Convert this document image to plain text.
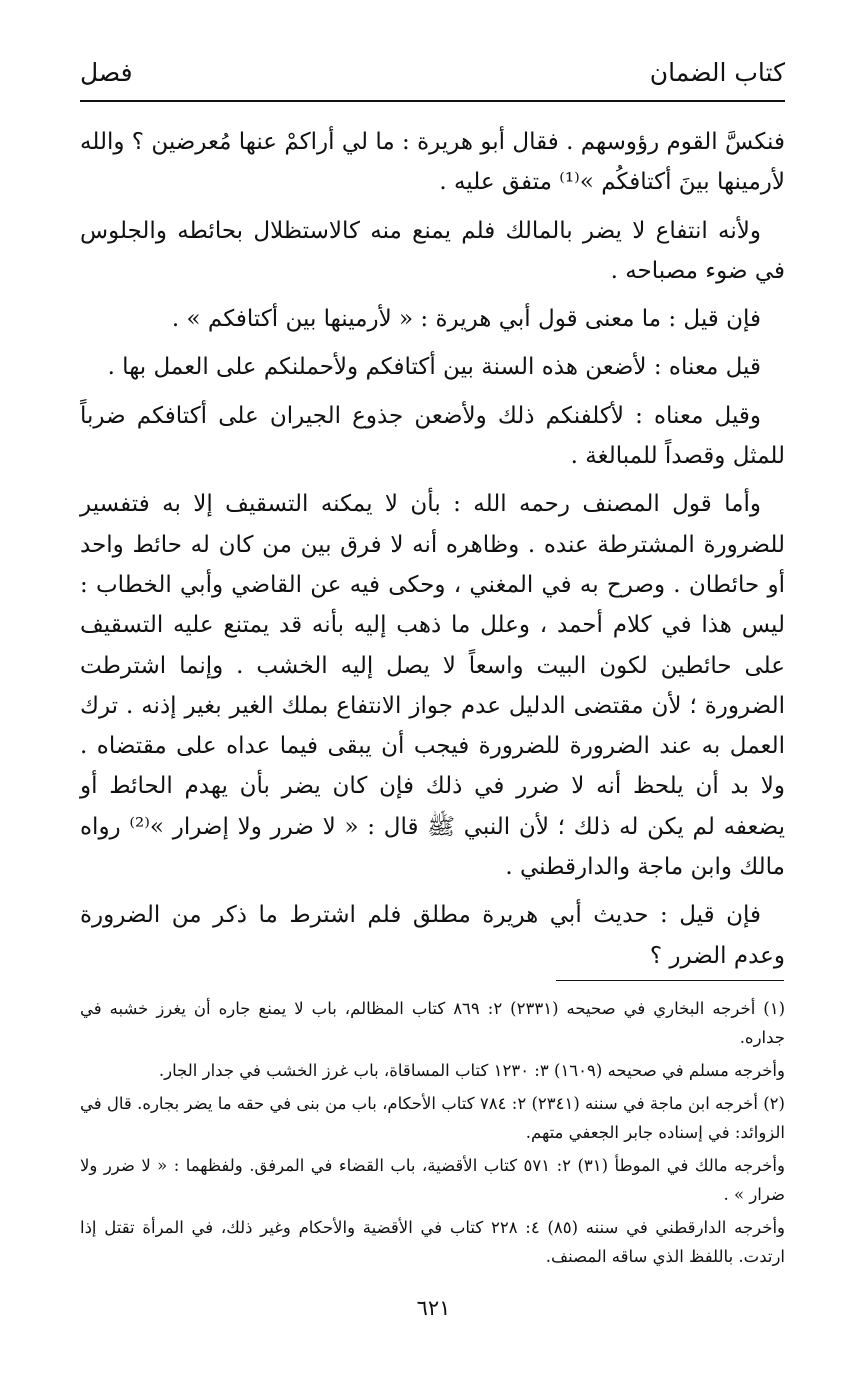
كتاب الضمان
فصل

فنكسَّ القوم رؤوسهم . فقال أبو هريرة : ما لي أراكمْ عنها مُعرضين ؟ والله لأرمينها بينَ أكتافكُم »⁽¹⁾ متفق عليه .

ولأنه انتفاع لا يضر بالمالك فلم يمنع منه كالاستظلال بحائطه والجلوس في ضوء مصباحه .

فإن قيل : ما معنى قول أبي هريرة : « لأرمينها بين أكتافكم » .

قيل معناه : لأضعن هذه السنة بين أكتافكم ولأحملنكم على العمل بها .

وقيل معناه : لأكلفنكم ذلك ولأضعن جذوع الجيران على أكتافكم ضرباً للمثل وقصداً للمبالغة .

وأما قول المصنف رحمه الله : بأن لا يمكنه التسقيف إلا به فتفسير للضرورة المشترطة عنده . وظاهره أنه لا فرق بين من كان له حائط واحد أو حائطان . وصرح به في المغني ، وحكى فيه عن القاضي وأبي الخطاب : ليس هذا في كلام أحمد ، وعلل ما ذهب إليه بأنه قد يمتنع عليه التسقيف على حائطين لكون البيت واسعاً لا يصل إليه الخشب . وإنما اشترطت الضرورة ؛ لأن مقتضى الدليل عدم جواز الانتفاع بملك الغير بغير إذنه . ترك العمل به عند الضرورة للضرورة فيجب أن يبقى فيما عداه على مقتضاه . ولا بد أن يلحظ أنه لا ضرر في ذلك فإن كان يضر بأن يهدم الحائط أو يضعفه لم يكن له ذلك ؛ لأن النبي ﷺ قال : « لا ضرر ولا إضرار »⁽²⁾ رواه مالك وابن ماجة والدارقطني .

فإن قيل : حديث أبي هريرة مطلق فلم اشترط ما ذكر من الضرورة وعدم الضرر ؟

(١) أخرجه البخاري في صحيحه (٢٣٣١) ٢: ٨٦٩ كتاب المظالم، باب لا يمنع جاره أن يغرز خشبه في جداره.

وأخرجه مسلم في صحيحه (١٦٠٩) ٣: ١٢٣٠ كتاب المساقاة، باب غرز الخشب في جدار الجار.

(٢) أخرجه ابن ماجة في سننه (٢٣٤١) ٢: ٧٨٤ كتاب الأحكام، باب من بنى في حقه ما يضر بجاره. قال في الزوائد: في إسناده جابر الجعفي متهم.

وأخرجه مالك في الموطأ (٣١) ٢: ٥٧١ كتاب الأقضية، باب القضاء في المرفق. ولفظهما : « لا ضرر ولا ضرار » .

وأخرجه الدارقطني في سننه (٨٥) ٤: ٢٢٨ كتاب في الأقضية والأحكام وغير ذلك، في المرأة تقتل إذا ارتدت. باللفظ الذي ساقه المصنف.

٦٢١
